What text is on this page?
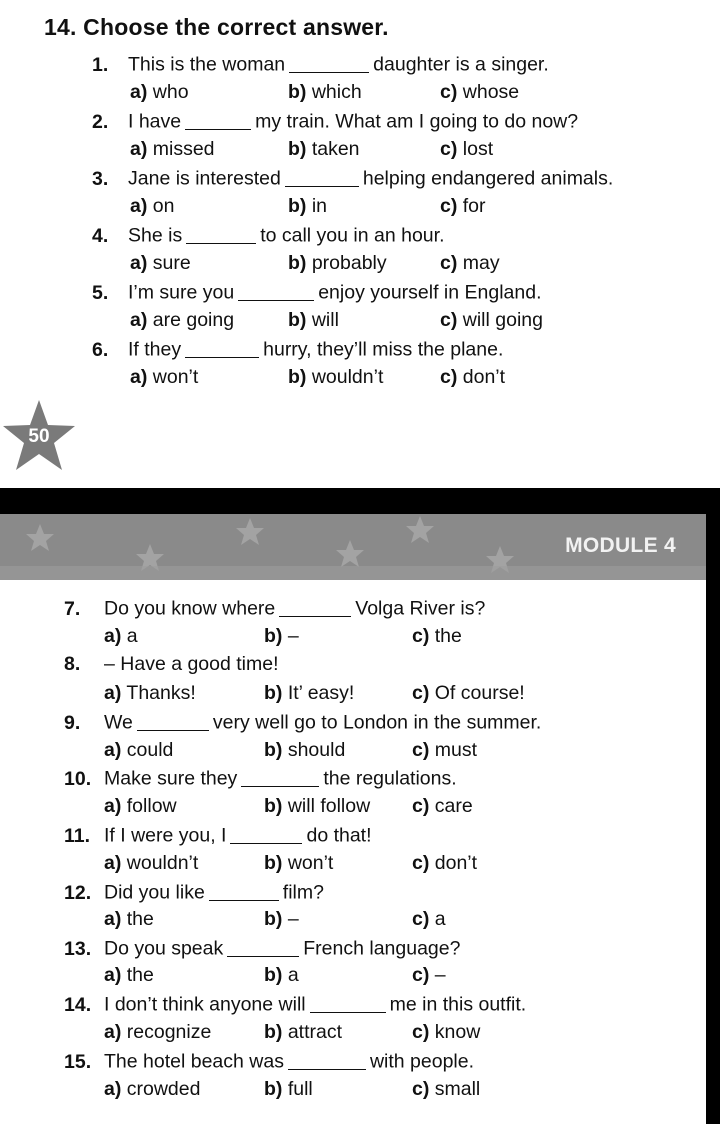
14. Choose the correct answer.
1. This is the woman	daughter is a singer.
a) who	b) which	c) whose
2. I have	my train. What am I going to do now?
a) missed	b) taken	c) lost
3. Jane is interested	helping endangered animals.
a) on	b) in	c) for
4. She is	to call you in an hour.
a) sure	b) probably	c) may
5. I’m sure you	enjoy yourself in England.
a) are going	b) will	c) will going
6. If they	hurry, they’ll miss the plane.
a) won’t	b) wouldn’t	c) don’t
50
MODULE 4
7. Do you know where	Volga River is?
a) a	b) –	c) the
8. – Have a good time!
a) Thanks!	b) It’ easy!	c) Of course!
9. We	very well go to London in the summer.
a) could	b) should	c) must
10. Make sure they	the regulations.
a) follow	b) will follow c) care
11. If I were you, I	do that!
a) wouldn’t	b) won’t	c) don’t
12. Did you like	film?
a) the	b) –	c) a
13. Do you speak	French language?
a) the	b) a	c) –
14. I don’t think anyone will	me in this outfit.
a) recognize	b) attract	c) know
15. The hotel beach was	with people.
a) crowded	b) full	c) small
